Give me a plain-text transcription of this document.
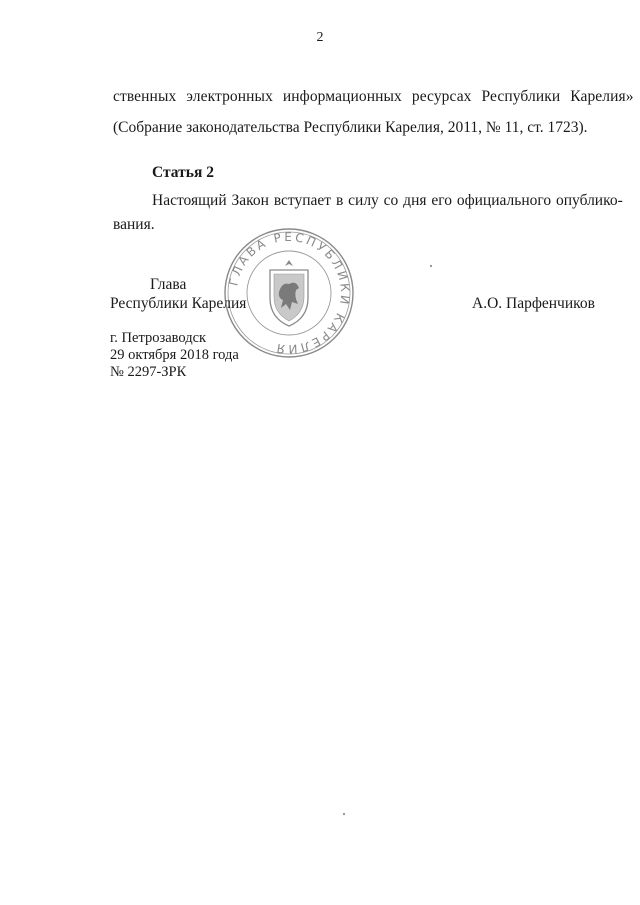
2
ственных электронных информационных ресурсах Республики Карелия»
(Собрание законодательства Республики Карелия, 2011, № 11, ст. 1723).
Статья 2
Настоящий Закон вступает в силу со дня его официального опублико-
вания.
ГЛАВА РЕСПУБЛИКИ КАРЕЛИЯ
Глава
Республики Карелия	А.О. Парфенчиков
г. Петрозаводск
29 октября 2018 года
№ 2297-ЗРК
